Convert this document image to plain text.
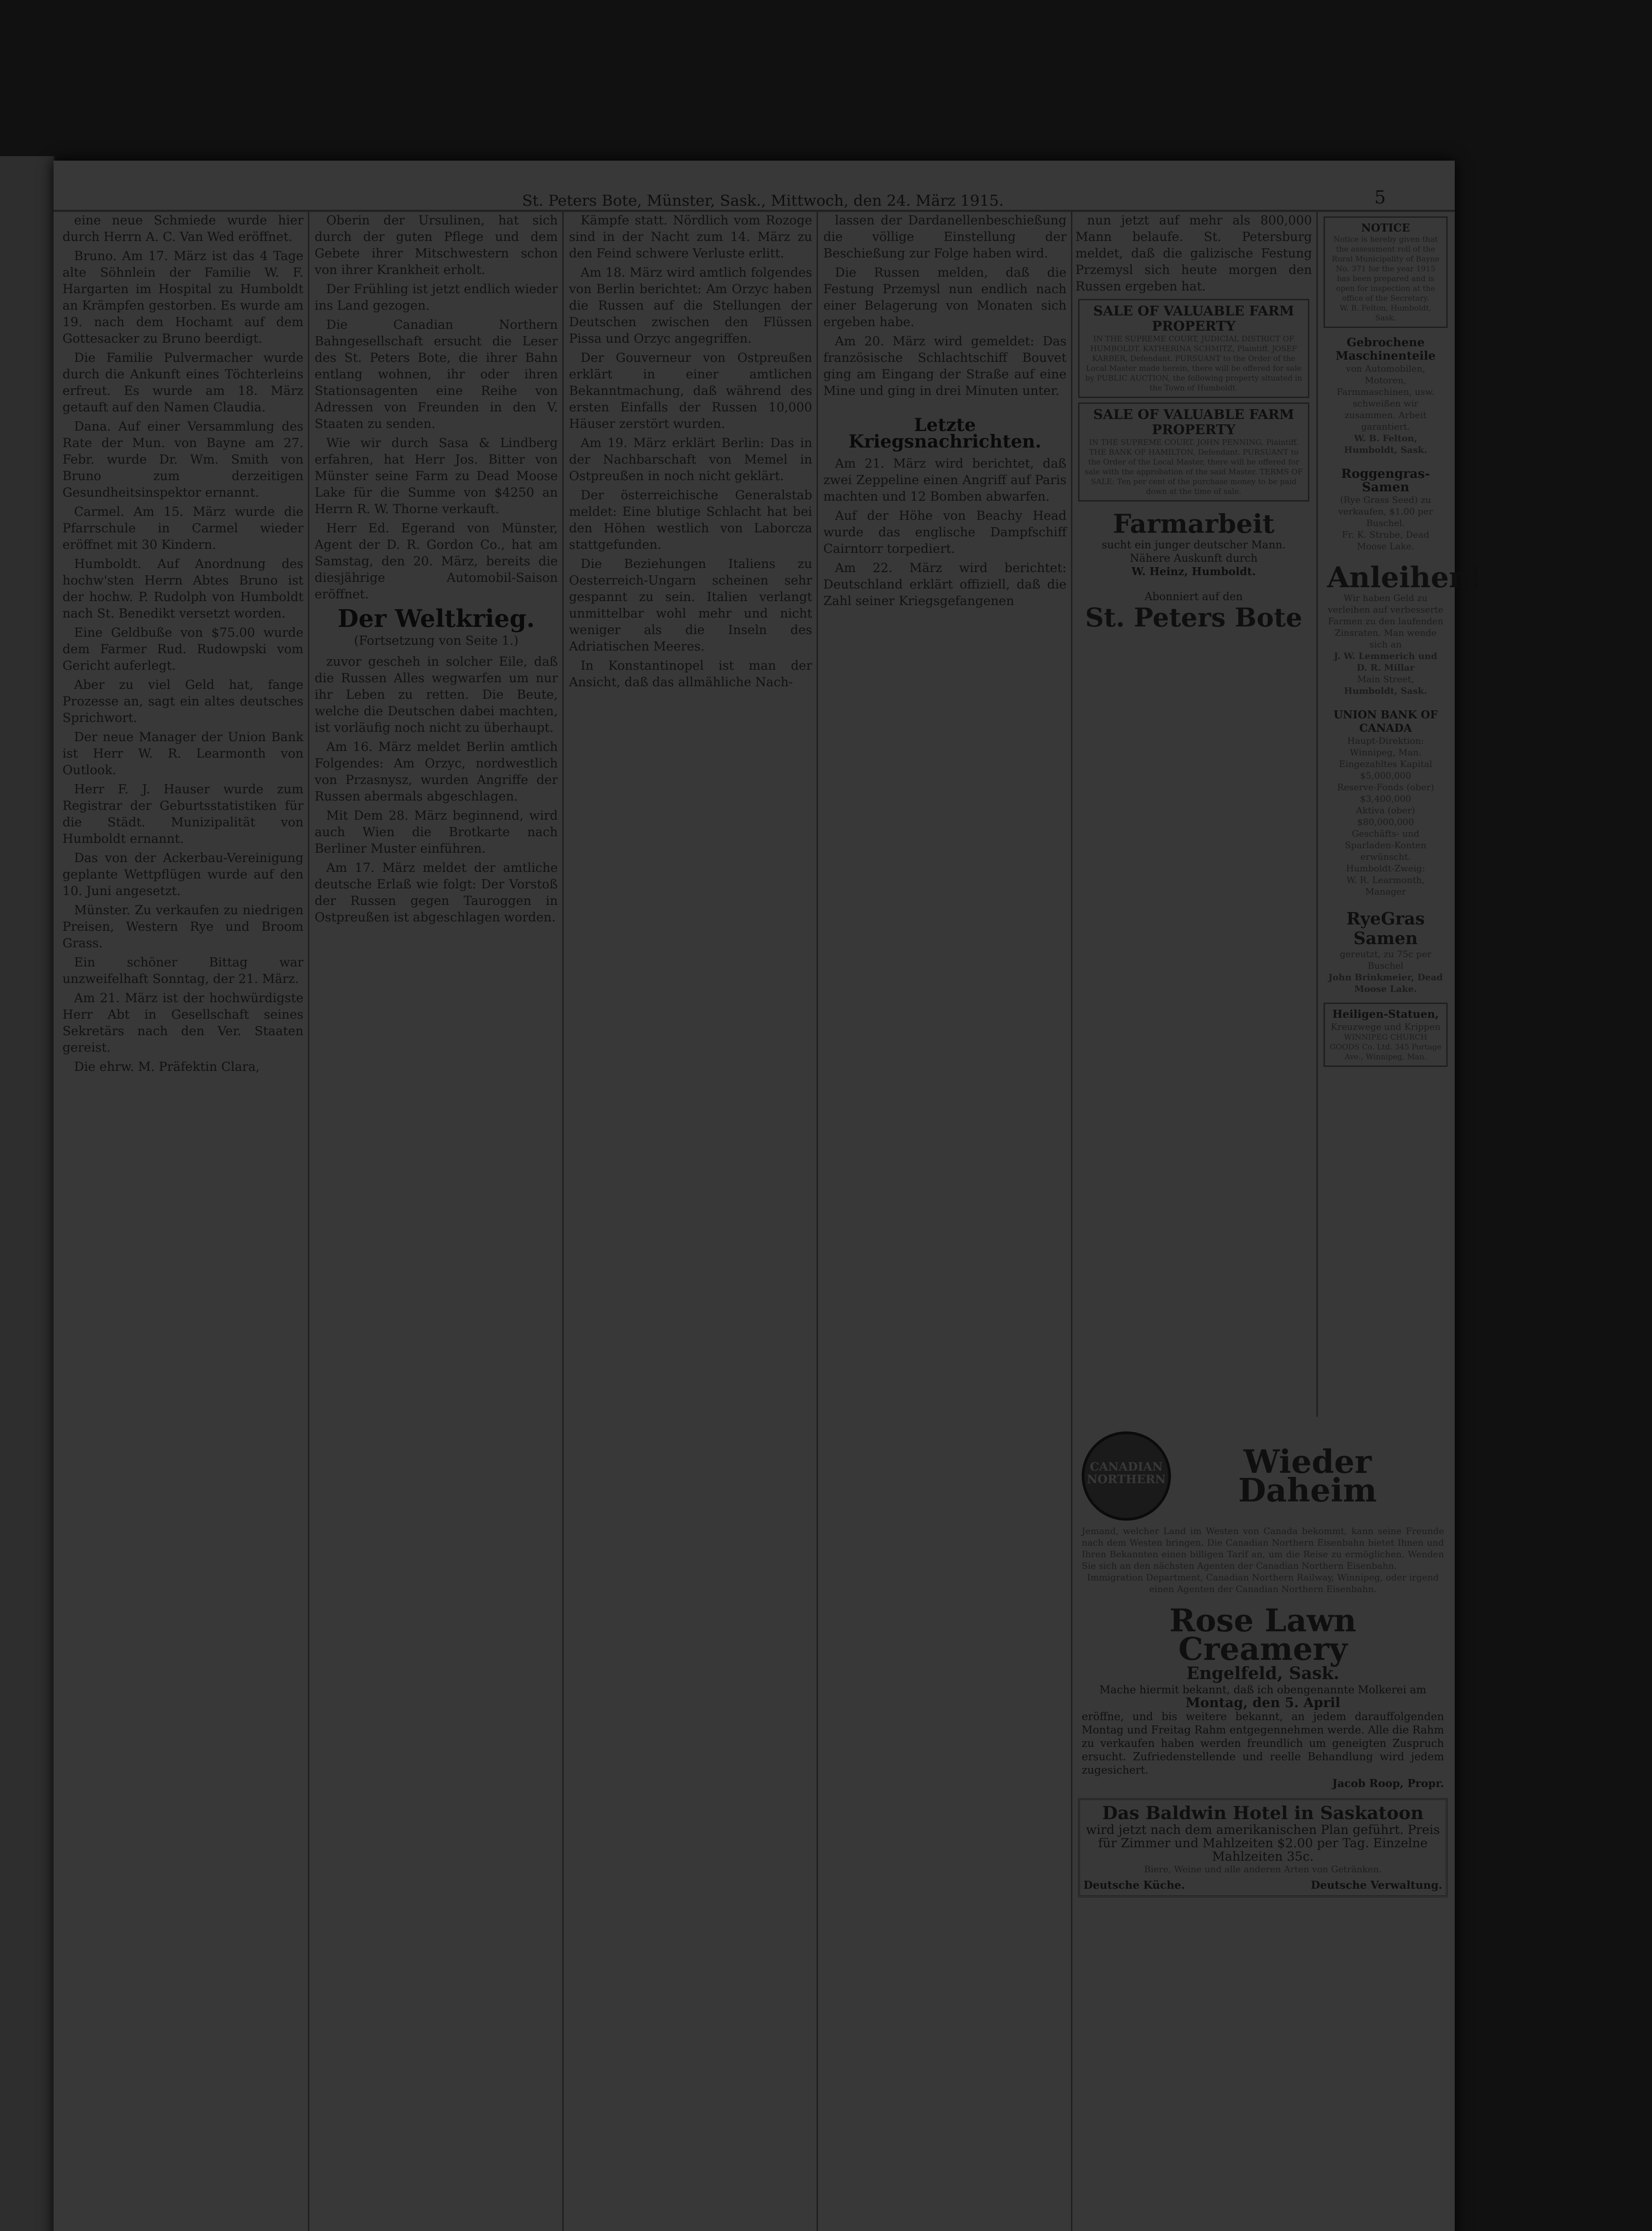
St. Peters Bote, Münster, Sask., Mittwoch, den 24. März 1915.	5

eine neue Schmiede wurde hier durch Herrn A. C. Van Wed eröffnet.

Bruno. Am 17. März ist das 4 Tage alte Söhnlein der Familie W. F. Hargarten im Hospital zu Humboldt an Krämpfen gestorben. Es wurde am 19. nach dem Hochamt auf dem Gottesacker zu Bruno beerdigt.

Die Familie Pulvermacher wurde durch die Ankunft eines Töchterleins erfreut. Es wurde am 18. März getauft auf den Namen Claudia.

Dana. Auf einer Versammlung des Rate der Mun. von Bayne am 27. Febr. wurde Dr. Wm. Smith von Bruno zum derzeitigen Gesundheitsinspektor ernannt.

Carmel. Am 15. März wurde die Pfarrschule in Carmel wieder eröffnet mit 30 Kindern.

Humboldt. Auf Anordnung des hochw'sten Herrn Abtes Bruno ist der hochw. P. Rudolph von Humboldt nach St. Benedikt versetzt worden.

Eine Geldbuße von $75.00 wurde dem Farmer Rud. Rudowpski vom Gericht auferlegt.

Aber zu viel Geld hat, fange Prozesse an, sagt ein altes deutsches Sprichwort.

Der neue Manager der Union Bank ist Herr W. R. Learmonth von Outlook.

Herr F. J. Hauser wurde zum Registrar der Geburtsstatistiken für die Städt. Munizipalität von Humboldt ernannt.

Das von der Ackerbau-Vereinigung geplante Wettpflügen wurde auf den 10. Juni angesetzt.

Münster. Zu verkaufen zu niedrigen Preisen, Western Rye und Broom Grass.

Ein schöner Bittag war unzweifelhaft Sonntag, der 21. März.

Am 21. März ist der hochwürdigste Herr Abt in Gesellschaft seines Sekretärs nach den Ver. Staaten gereist.

Die ehrw. M. Präfektin Clara,

Oberin der Ursulinen, hat sich durch der guten Pflege und dem Gebete ihrer Mitschwestern schon von ihrer Krankheit erholt.

Der Frühling ist jetzt endlich wieder ins Land gezogen.

Die Canadian Northern Bahngesellschaft ersucht die Leser des St. Peters Bote, die ihrer Bahn entlang wohnen, ihr oder ihren Stationsagenten eine Reihe von Adressen von Freunden in den V. Staaten zu senden.

Wie wir durch Sasa & Lindberg erfahren, hat Herr Jos. Bitter von Münster seine Farm zu Dead Moose Lake für die Summe von $4250 an Herrn R. W. Thorne verkauft.

Herr Ed. Egerand von Münster, Agent der D. R. Gordon Co., hat am Samstag, den 20. März, bereits die diesjährige Automobil-Saison eröffnet.

Der Weltkrieg.
(Fortsetzung von Seite 1.)

zuvor gescheh in solcher Eile, daß die Russen Alles wegwarfen um nur ihr Leben zu retten. Die Beute, welche die Deutschen dabei machten, ist vorläufig noch nicht zu überhaupt.

Am 16. März meldet Berlin amtlich Folgendes: Am Orzyc, nordwestlich von Przasnysz, wurden Angriffe der Russen abermals abgeschlagen.

Mit Dem 28. März beginnend, wird auch Wien die Brotkarte nach Berliner Muster einführen.

Am 17. März meldet der amtliche deutsche Erlaß wie folgt: Der Vorstoß der Russen gegen Tauroggen in Ostpreußen ist abgeschlagen worden.

Kämpfe statt. Nördlich vom Rozoge sind in der Nacht zum 14. März zu den Feind schwere Verluste erlitt.

Am 18. März wird amtlich folgendes von Berlin berichtet: Am Orzyc haben die Russen auf die Stellungen der Deutschen zwischen den Flüssen Pissa und Orzyc angegriffen.

Der Gouverneur von Ostpreußen erklärt in einer amtlichen Bekanntmachung, daß während des ersten Einfalls der Russen 10,000 Häuser zerstört wurden.

Am 19. März erklärt Berlin: Das in der Nachbarschaft von Memel in Ostpreußen in noch nicht geklärt.

Der österreichische Generalstab meldet: Eine blutige Schlacht hat bei den Höhen westlich von Laborcza stattgefunden.

Die Beziehungen Italiens zu Oesterreich-Ungarn scheinen sehr gespannt zu sein. Italien verlangt unmittelbar wohl mehr und nicht weniger als die Inseln des Adriatischen Meeres.

In Konstantinopel ist man der Ansicht, daß das allmähliche Nach-

lassen der Dardanellenbeschießung die völlige Einstellung der Beschießung zur Folge haben wird.

Die Russen melden, daß die Festung Przemysl nun endlich nach einer Belagerung von Monaten sich ergeben habe.

Am 20. März wird gemeldet: Das französische Schlachtschiff Bouvet ging am Eingang der Straße auf eine Mine und ging in drei Minuten unter.

Letzte Kriegsnachrichten.

Am 21. März wird berichtet, daß zwei Zeppeline einen Angriff auf Paris machten und 12 Bomben abwarfen.

Auf der Höhe von Beachy Head wurde das englische Dampfschiff Cairntorr torpediert.

Am 22. März wird berichtet: Deutschland erklärt offiziell, daß die Zahl seiner Kriegsgefangenen

nun jetzt auf mehr als 800,000 Mann belaufe. St. Petersburg meldet, daß die galizische Festung Przemysl sich heute morgen den Russen ergeben hat.

SALE OF VALUABLE FARM PROPERTY
IN THE SUPREME COURT, JUDICIAL DISTRICT OF HUMBOLDT. KATHERINA SCHMITZ, Plaintiff. JOSEF KARBER, Defendant. PURSUANT to the Order of the Local Master made herein, there will be offered for sale by PUBLIC AUCTION, the following property situated in the Town of Humboldt.
SALE OF VALUABLE FARM PROPERTY
IN THE SUPREME COURT. JOHN PENNING, Plaintiff. THE BANK OF HAMILTON, Defendant. PURSUANT to the Order of the Local Master, there will be offered for sale with the approbation of the said Master. TERMS OF SALE: Ten per cent of the purchase money to be paid down at the time of sale.
Farmarbeit
sucht ein junger deutscher Mann. Nähere Auskunft durch
W. Heinz, Humboldt.
Abonniert auf den
St. Peters Bote
NOTICE
Notice is hereby given that the assessment roll of the Rural Municipality of Bayne No. 371 for the year 1915 has been prepared and is open for inspection at the office of the Secretary.
W. B. Felton, Humboldt, Sask.
Gebrochene Maschinenteile
von Automobilen, Motoren, Farmmaschinen, usw. schweißen wir zusammen. Arbeit garantiert.
W. B. Felton, Humboldt, Sask.
Roggengras-Samen
(Rye Grass Seed) zu verkaufen, $1.00 per Buschel.
Fr. K. Strube, Dead Moose Lake.
Anleihen!
Wir haben Geld zu verleihen auf verbesserte Farmen zu den laufenden Zinsraten. Man wende sich an
J. W. Lemmerich und D. R. Millar
Main Street,
Humboldt, Sask.
UNION BANK OF CANADA
Haupt-Direktion: Winnipeg, Man.
Eingezahltes Kapital $5,000,000
Reserve-Fonds (ober) $3,400,000
Aktiva (ober) $80,000,000
Geschäfts- und Sparladen-Konten erwünscht.
Humboldt-Zweig:
W. R. Learmonth, Manager
RyeGras Samen
gereutzt, zu 75c per Buschel
John Brinkmeier, Dead Moose Lake.
Heiligen-Statuen,
Kreuzwege und Krippen
WINNIPEG CHURCH GOODS Co. Ltd. 345 Portage Ave., Winnipeg, Man.
CANADIAN
NORTHERN	Wieder Daheim
Jemand, welcher Land im Westen von Canada bekommt, kann seine Freunde nach dem Westen bringen. Die Canadian Northern Eisenbahn bietet Ihnen und Ihren Bekannten einen billigen Tarif an, um die Reise zu ermöglichen. Wenden Sie sich an den nächsten Agenten der Canadian Northern Eisenbahn.
Immigration Department, Canadian Northern Railway, Winnipeg, oder irgend einen Agenten der Canadian Northern Eisenbahn.
Rose Lawn Creamery
Engelfeld, Sask.
Mache hiermit bekannt, daß ich obengenannte Molkerei am
Montag, den 5. April
eröffne, und bis weitere bekannt, an jedem darauffolgenden Montag und Freitag Rahm entgegennehmen werde. Alle die Rahm zu verkaufen haben werden freundlich um geneigten Zuspruch ersucht. Zufriedenstellende und reelle Behandlung wird jedem zugesichert.
Jacob Roop, Propr.
Das Baldwin Hotel in Saskatoon
wird jetzt nach dem amerikanischen Plan geführt. Preis für Zimmer und Mahlzeiten $2.00 per Tag. Einzelne Mahlzeiten 35c.
Biere, Weine und alle anderen Arten von Getränken.
Deutsche Küche.	Deutsche Verwaltung.
